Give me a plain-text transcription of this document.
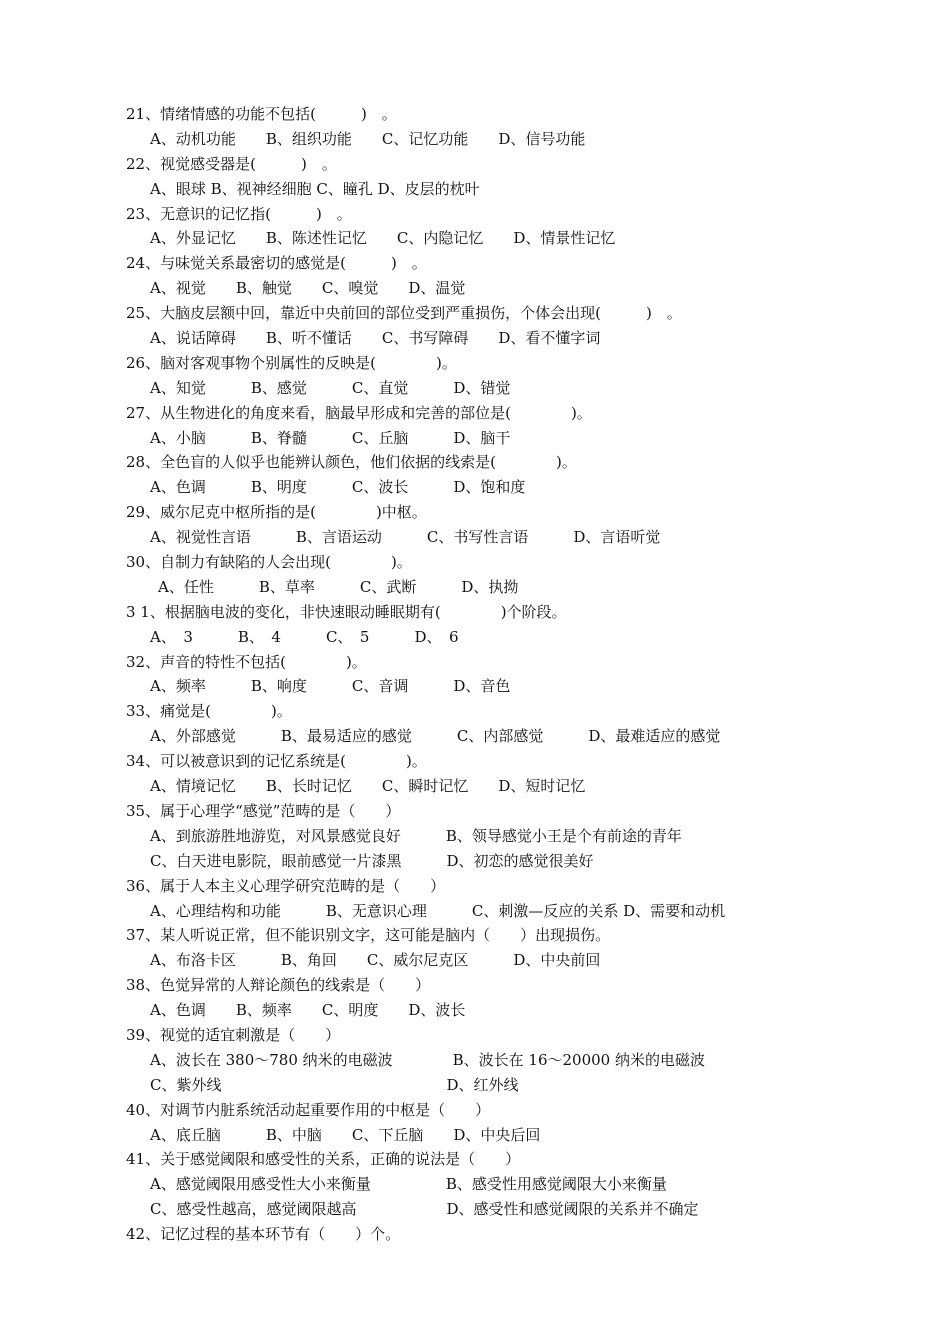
21、情绪情感的功能不包括(　　　)　。
A、动机功能　　B、组织功能　　C、记忆功能　　D、信号功能
22、视觉感受器是(　　　)　。
A、眼球 B、视神经细胞 C、瞳孔 D、皮层的枕叶
23、无意识的记忆指(　　　)　。
A、外显记忆　　B、陈述性记忆　　C、内隐记忆　　D、情景性记忆
24、与味觉关系最密切的感觉是(　　　)　。
A、视觉　　B、触觉　　C、嗅觉　　D、温觉
25、大脑皮层额中回，靠近中央前回的部位受到严重损伤，个体会出现(　　　)　。
A、说话障碍　　B、听不懂话　　C、书写障碍　　D、看不懂字词
26、脑对客观事物个别属性的反映是(　　　　)。
A、知觉　　　B、感觉　　　C、直觉　　　D、错觉
27、从生物进化的角度来看，脑最早形成和完善的部位是(　　　　)。
A、小脑　　　B、脊髓　　　C、丘脑　　　D、脑干
28、全色盲的人似乎也能辨认颜色，他们依据的线索是(　　　　)。
A、色调　　　B、明度　　　C、波长　　　D、饱和度
29、威尔尼克中枢所指的是(　　　　)中枢。
A、视觉性言语　　　B、言语运动　　　C、书写性言语　　　D、言语听觉
30、自制力有缺陷的人会出现(　　　　)。
A、任性　　　B、草率　　　C、武断　　　D、执拗
3 1、根据脑电波的变化，非快速眼动睡眠期有(　　　　)个阶段。
A、　3　　　B、　4　　　C、　5　　　D、　6
32、声音的特性不包括(　　　　)。
A、频率　　　B、响度　　　C、音调　　　D、音色
33、痛觉是(　　　　)。
A、外部感觉　　　B、最易适应的感觉　　　C、内部感觉　　　D、最难适应的感觉
34、可以被意识到的记忆系统是(　　　　)。
A、情境记忆　　B、长时记忆　　C、瞬时记忆　　D、短时记忆
35、属于心理学“感觉”范畴的是（　　）
A、到旅游胜地游览，对风景感觉良好　　　B、领导感觉小王是个有前途的青年
C、白天进电影院，眼前感觉一片漆黑　　　D、初恋的感觉很美好
36、属于人本主义心理学研究范畴的是（　　）
A、心理结构和功能　　　B、无意识心理　　　C、刺激—反应的关系 D、需要和动机
37、某人听说正常，但不能识别文字，这可能是脑内（　　）出现损伤。
A、布洛卡区　　　B、角回　　C、威尔尼克区　　　D、中央前回
38、色觉异常的人辩论颜色的线索是（　　）
A、色调　　B、频率　　C、明度　　D、波长
39、视觉的适宜刺激是（　　）
A、波长在 380～780 纳米的电磁波　　　　B、波长在 16～20000 纳米的电磁波
C、紫外线　　　　　　　　　　　　　　　D、红外线
40、对调节内脏系统活动起重要作用的中枢是（　　）
A、底丘脑　　　B、中脑　　C、下丘脑　　D、中央后回
41、关于感觉阈限和感受性的关系，正确的说法是（　　）
A、感觉阈限用感受性大小来衡量　　　　　B、感受性用感觉阈限大小来衡量
C、感受性越高，感觉阈限越高　　　　　　D、感受性和感觉阈限的关系并不确定
42、记忆过程的基本环节有（　　）个。
